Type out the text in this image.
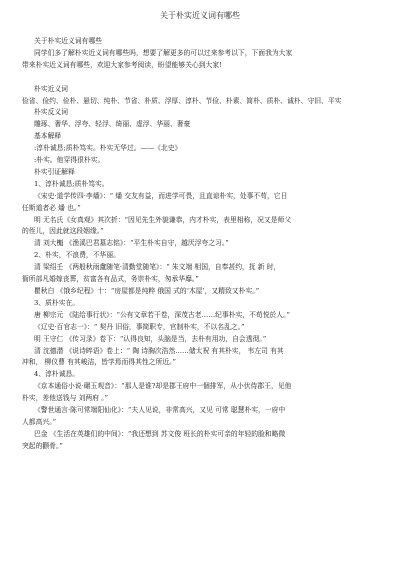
关于朴实近义词有哪些

关于朴实近义词有哪些

同学们多了解朴实近义词有哪些吗，想要了解更多的可以过来参考以下，下面我为大家

带来朴实近义词有哪些，欢迎大家参考阅读，盼望能够关心到大家!

朴实近义词

俭省、俭约、俭朴、悬切、纯朴、节省、朴质、浮厚、淳朴、节俭、朴素、简朴、质朴、诚朴、守旧、平实

朴实反义词

雕琢、奢华、浮夸、轻浮、绮丽、虚浮、华丽、奢豪

基本解释

:淳朴诚恳;质朴笃实。朴实无华过。——《北史》

:朴实。他穿得很朴实。

朴实引证解释

1、淳朴诚恳;质朴笃实。

《宋史·道学传四·李燔》：“ 燔 交友有益，而进学可畏，且直谅朴实，处事不苟，它日

任斯道者必 燔 也。”

明 无名氏《女真观》其次折：“因见先生外貌谦恭，内才朴实，表里相称，况又是师父

的侄儿，因此就这段姻缘。”

清 刘大櫆 《渔溪巴君墓志铭》：“平生朴实自守，越厌浮夸之习。”

2、朴实，不浪费，不华丽。

清 梁绍壬 《两般秋雨盦随笔·清勤堂随笔》：“ 朱文端 相国，自奉甚约，抚 新 时，

衙所部凡婚嫁丧葬，贫富各有品式，务崇朴实，匆承华靡。”

瞿秋白 《饿乡纪程》十：“房屋都是纯粹 俄国 式的‘木屋’，又精致又朴实。”

3、质朴实在。

唐 柳宗元 《陆给事行状》：“公有文章若干卷，深茂古老……纪事朴实，不苟悦於人。”

《辽史·百官志一》：“ 契丹 旧俗，事简职专，官制朴实，不以名乱之。”

明 王守仁 《传习录》卷下：“认得良知，头脑是当，去朴有用功，自会透彻。”

清 沈德潜 《说诗晬语》卷上：“ 陶 诗胸次浩然……储太祝 有其朴实， 韦左司 有其

冲和， 柳仪曹 有其峻洁，皆学焉而得其性之所近。”

4、淳朴诚恳。

《京本通俗小说·碾玉观音》：“那人是谁?却是郡王府中一個排军，从小伏侍郡王，见他

朴实，差他送钱与 刘两府 。”

《警世通言·陈可常端阳仙化》：“夫人见说，非常高兴，又见 可常 聪慧朴实，一府中

人都高兴。”

巴金 《生活在英雄们的中间》：“我还想到 苏文俊 班长的朴实可亲的年轻的脸和略微

突起的颧骨。”
